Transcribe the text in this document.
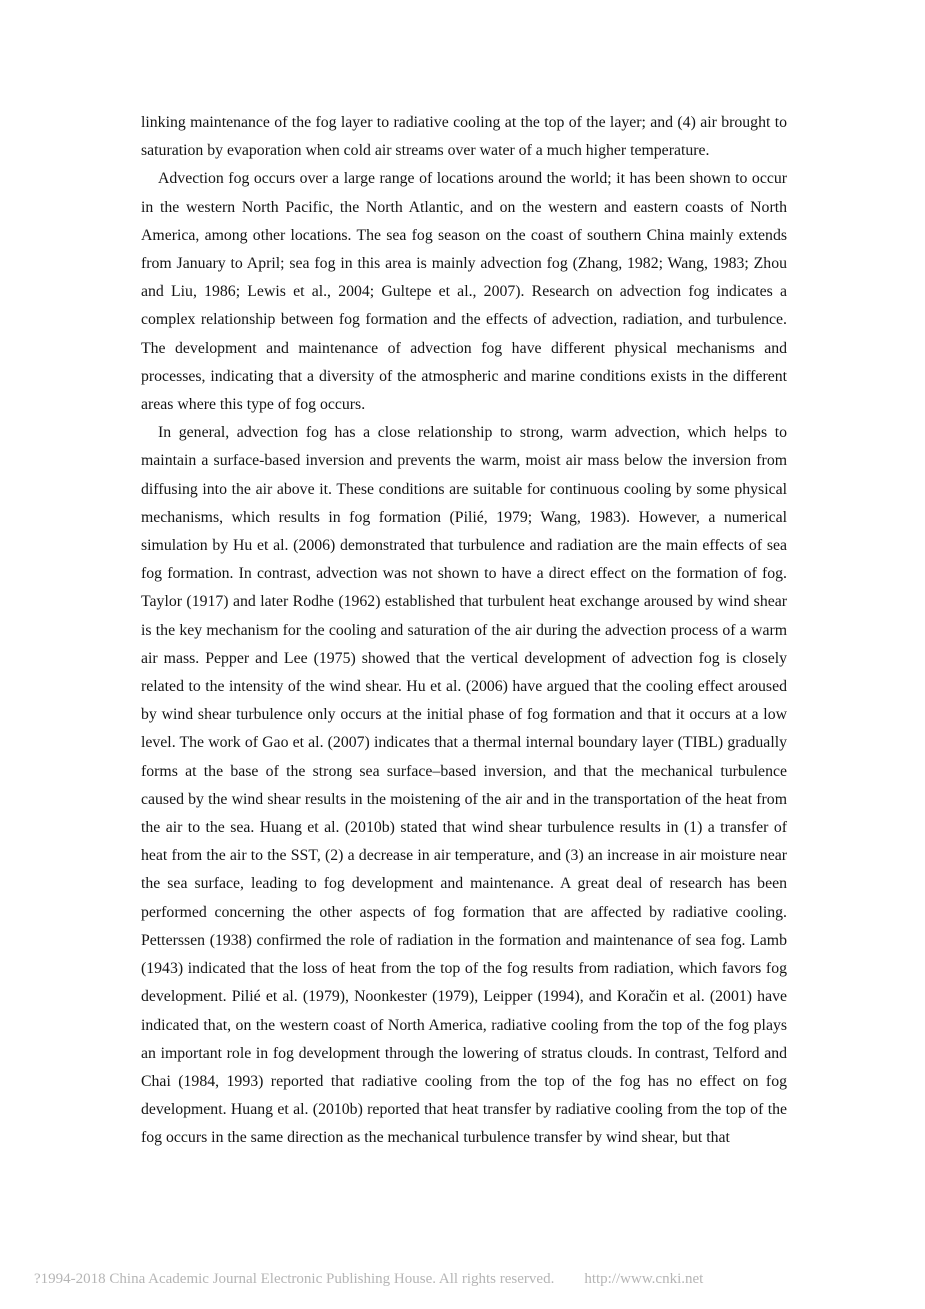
linking maintenance of the fog layer to radiative cooling at the top of the layer; and (4) air brought to saturation by evaporation when cold air streams over water of a much higher temperature.

Advection fog occurs over a large range of locations around the world; it has been shown to occur in the western North Pacific, the North Atlantic, and on the western and eastern coasts of North America, among other locations. The sea fog season on the coast of southern China mainly extends from January to April; sea fog in this area is mainly advection fog (Zhang, 1982; Wang, 1983; Zhou and Liu, 1986; Lewis et al., 2004; Gultepe et al., 2007). Research on advection fog indicates a complex relationship between fog formation and the effects of advection, radiation, and turbulence. The development and maintenance of advection fog have different physical mechanisms and processes, indicating that a diversity of the atmospheric and marine conditions exists in the different areas where this type of fog occurs.

In general, advection fog has a close relationship to strong, warm advection, which helps to maintain a surface-based inversion and prevents the warm, moist air mass below the inversion from diffusing into the air above it. These conditions are suitable for continuous cooling by some physical mechanisms, which results in fog formation (Pilié, 1979; Wang, 1983). However, a numerical simulation by Hu et al. (2006) demonstrated that turbulence and radiation are the main effects of sea fog formation. In contrast, advection was not shown to have a direct effect on the formation of fog. Taylor (1917) and later Rodhe (1962) established that turbulent heat exchange aroused by wind shear is the key mechanism for the cooling and saturation of the air during the advection process of a warm air mass. Pepper and Lee (1975) showed that the vertical development of advection fog is closely related to the intensity of the wind shear. Hu et al. (2006) have argued that the cooling effect aroused by wind shear turbulence only occurs at the initial phase of fog formation and that it occurs at a low level. The work of Gao et al. (2007) indicates that a thermal internal boundary layer (TIBL) gradually forms at the base of the strong sea surface–based inversion, and that the mechanical turbulence caused by the wind shear results in the moistening of the air and in the transportation of the heat from the air to the sea. Huang et al. (2010b) stated that wind shear turbulence results in (1) a transfer of heat from the air to the SST, (2) a decrease in air temperature, and (3) an increase in air moisture near the sea surface, leading to fog development and maintenance. A great deal of research has been performed concerning the other aspects of fog formation that are affected by radiative cooling. Petterssen (1938) confirmed the role of radiation in the formation and maintenance of sea fog. Lamb (1943) indicated that the loss of heat from the top of the fog results from radiation, which favors fog development. Pilié et al. (1979), Noonkester (1979), Leipper (1994), and Koračin et al. (2001) have indicated that, on the western coast of North America, radiative cooling from the top of the fog plays an important role in fog development through the lowering of stratus clouds. In contrast, Telford and Chai (1984, 1993) reported that radiative cooling from the top of the fog has no effect on fog development. Huang et al. (2010b) reported that heat transfer by radiative cooling from the top of the fog occurs in the same direction as the mechanical turbulence transfer by wind shear, but that

?1994-2018 China Academic Journal Electronic Publishing House. All rights reserved. http://www.cnki.net
